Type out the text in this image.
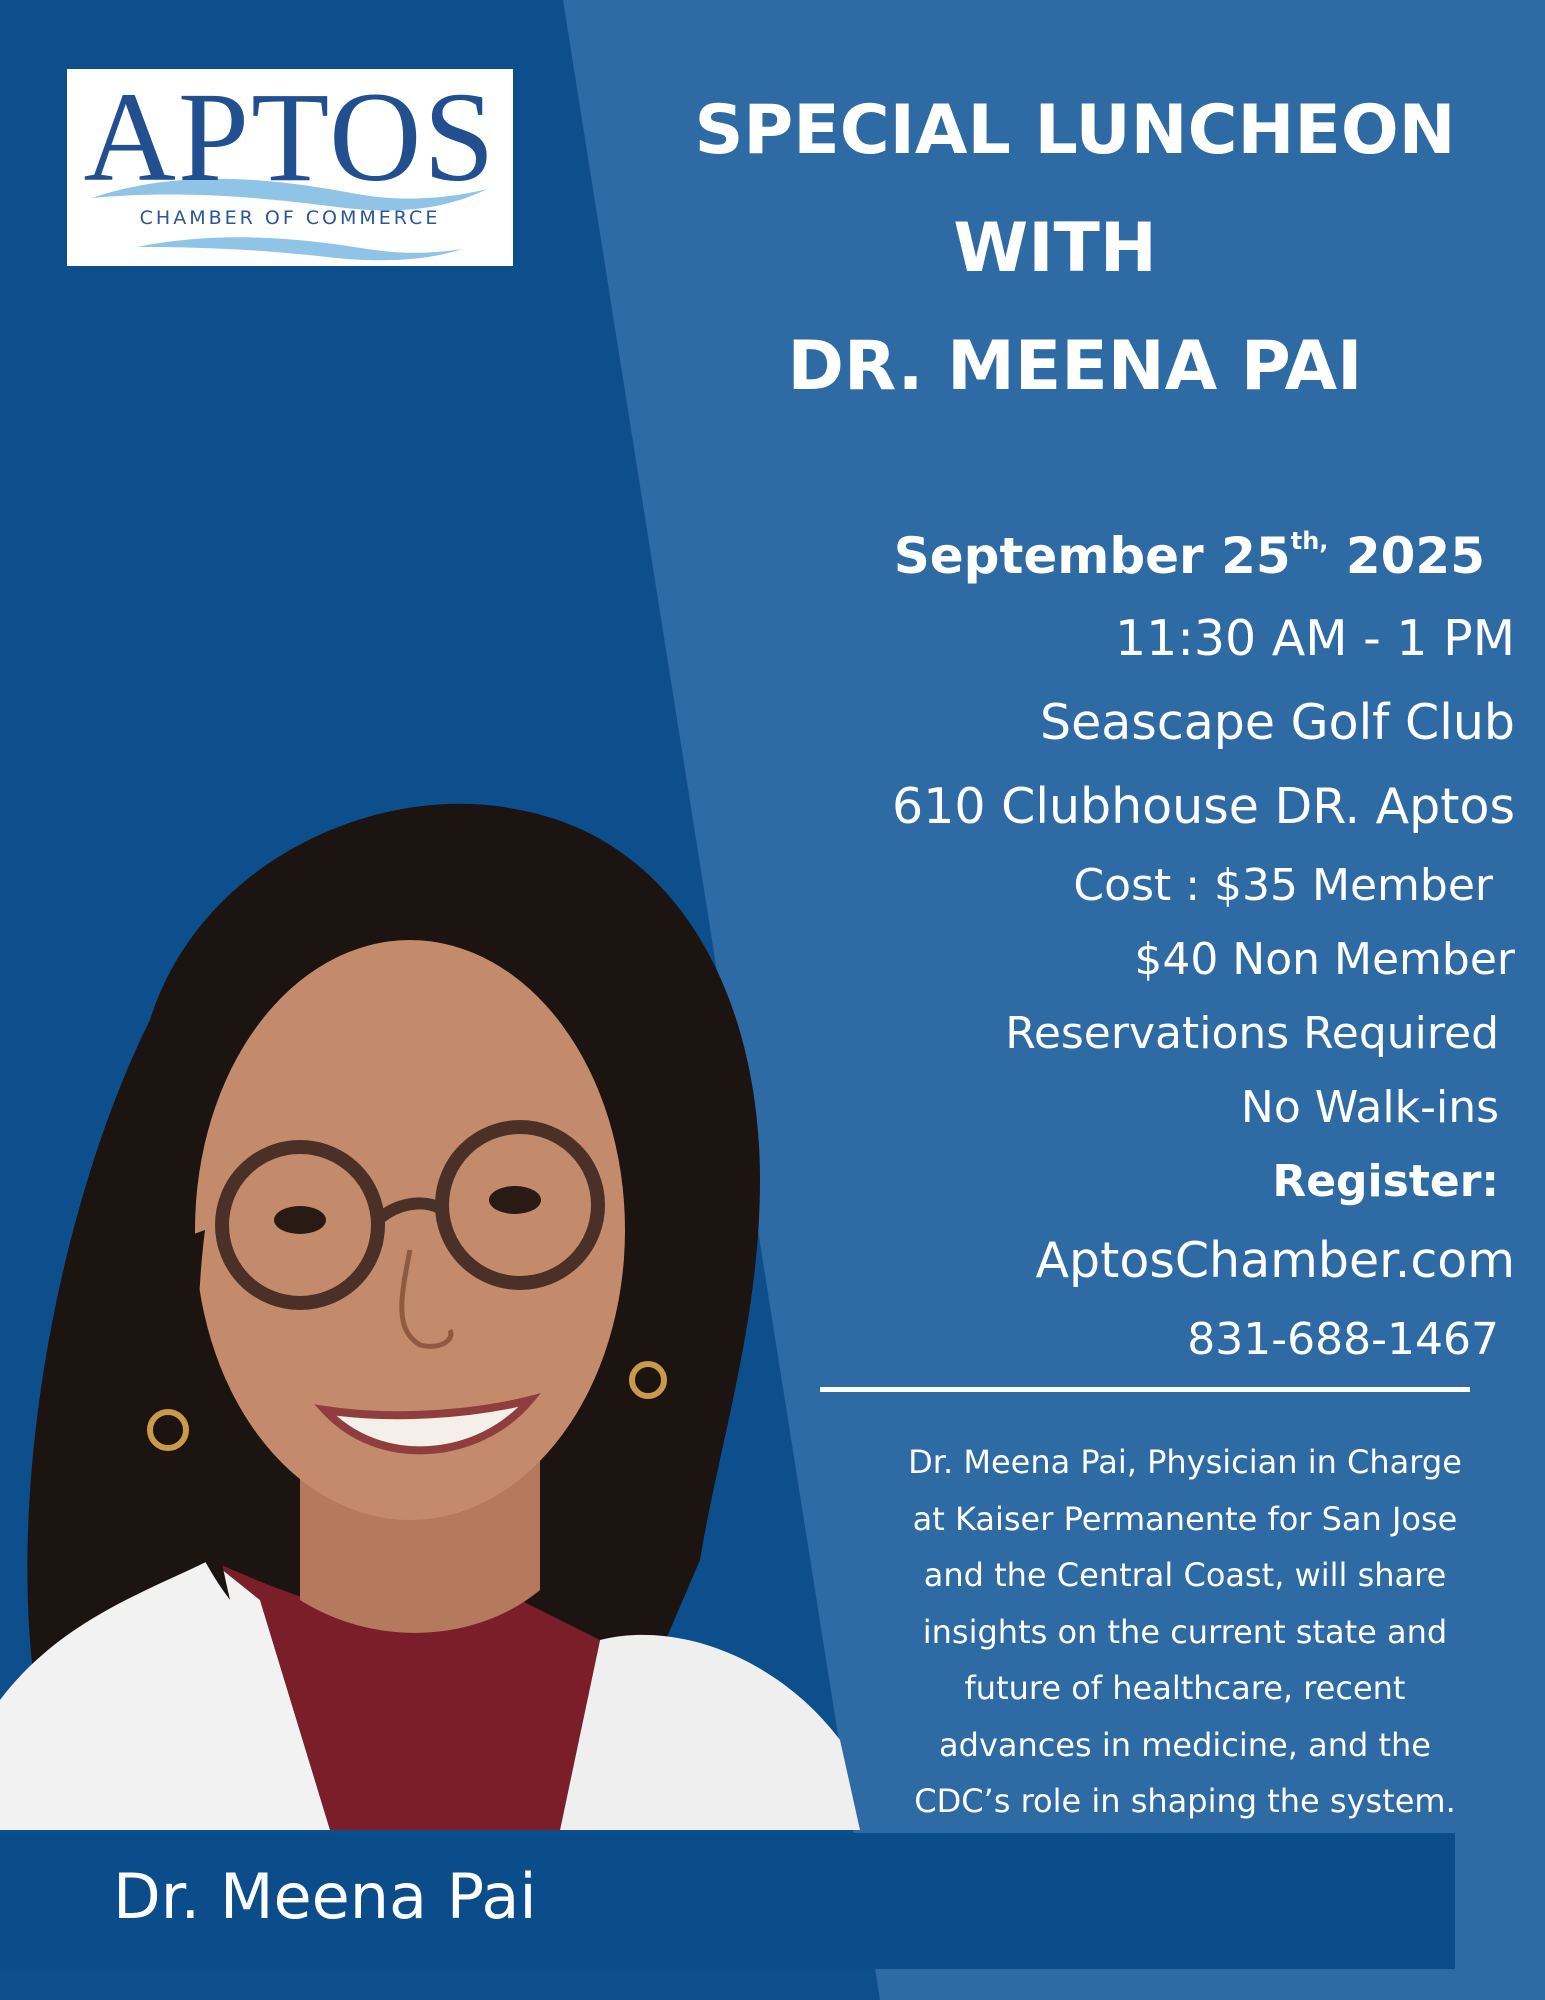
APTOS
CHAMBER OF COMMERCE
SPECIAL LUNCHEON
WITH
DR. MEENA PAI
September $25^{th,}$ 2025
11:30 AM - 1 PM
Seascape Golf Club
610 Clubhouse DR. Aptos
Cost : $35 Member
$40 Non Member
Reservations Required
No Walk-ins
Register:
AptosChamber.com
831-688-1467
Dr. Meena Pai, Physician in Charge
at Kaiser Permanente for San Jose
and the Central Coast, will share
insights on the current state and
future of healthcare, recent
advances in medicine, and the
CDC’s role in shaping the system.
Dr. Meena Pai
